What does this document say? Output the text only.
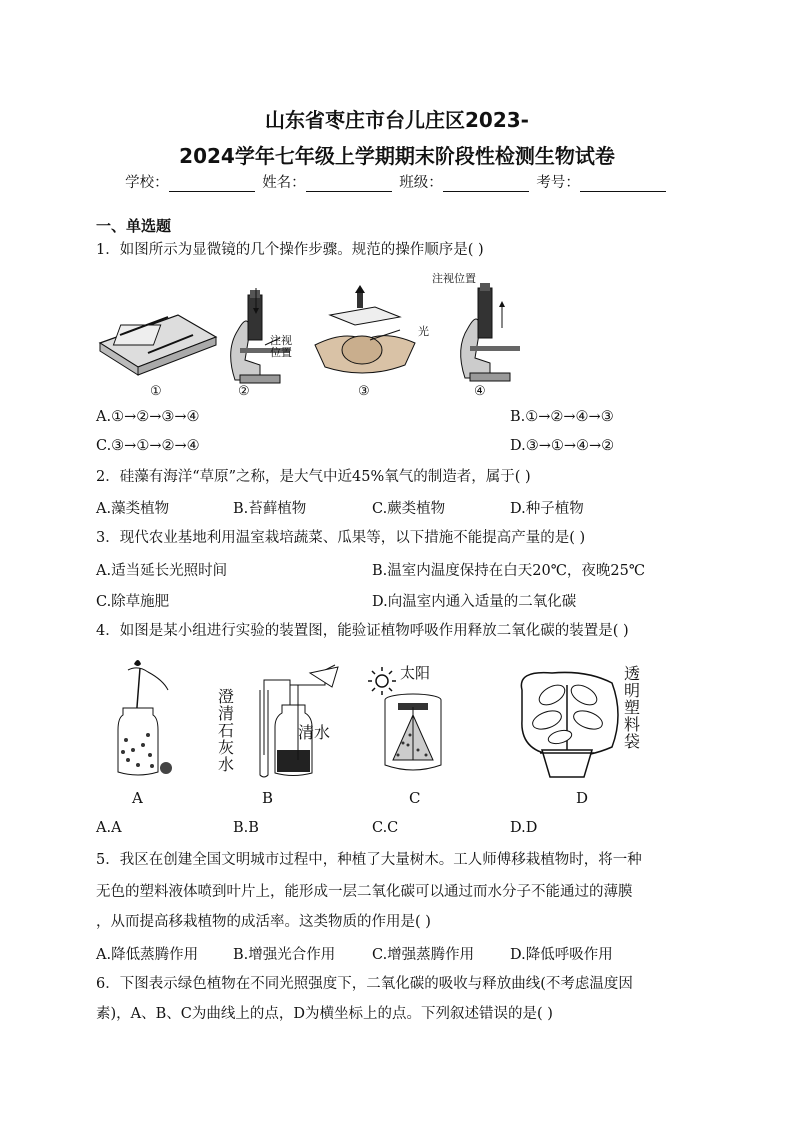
山东省枣庄市台儿庄区2023-
2024学年七年级上学期期末阶段性检测生物试卷
学校：	姓名：	班级：	考号：
一、单选题
1．如图所示为显微镜的几个操作步骤。规范的操作顺序是( )
注视
位置
光
注视位置
①	②	③	④
A.①→②→③→④	B.①→②→④→③
C.③→①→②→④	D.③→①→④→②
2．硅藻有海洋“草原”之称，是大气中近45%氧气的制造者，属于( )
A.藻类植物	B.苔藓植物	C.蕨类植物	D.种子植物
3．现代农业基地利用温室栽培蔬菜、瓜果等，以下措施不能提高产量的是( )
A.适当延长光照时间	B.温室内温度保持在白天20℃，夜晚25℃
C.除草施肥	D.向温室内通入适量的二氧化碳
4．如图是某小组进行实验的装置图，能验证植物呼吸作用释放二氧化碳的装置是( )
澄
清
石
灰
水
清水
太阳	透
明
塑
料
袋
A	B	C	D
A.A	B.B	C.C	D.D
5．我区在创建全国文明城市过程中，种植了大量树木。工人师傅移栽植物时，将一种
无色的塑料液体喷到叶片上，能形成一层二氧化碳可以通过而水分子不能通过的薄膜
，从而提高移栽植物的成活率。这类物质的作用是( )
A.降低蒸腾作用 B.增强光合作用	C.增强蒸腾作用 D.降低呼吸作用
6．下图表示绿色植物在不同光照强度下，二氧化碳的吸收与释放曲线(不考虑温度因
素)，A、B、C为曲线上的点，D为横坐标上的点。下列叙述错误的是( )
